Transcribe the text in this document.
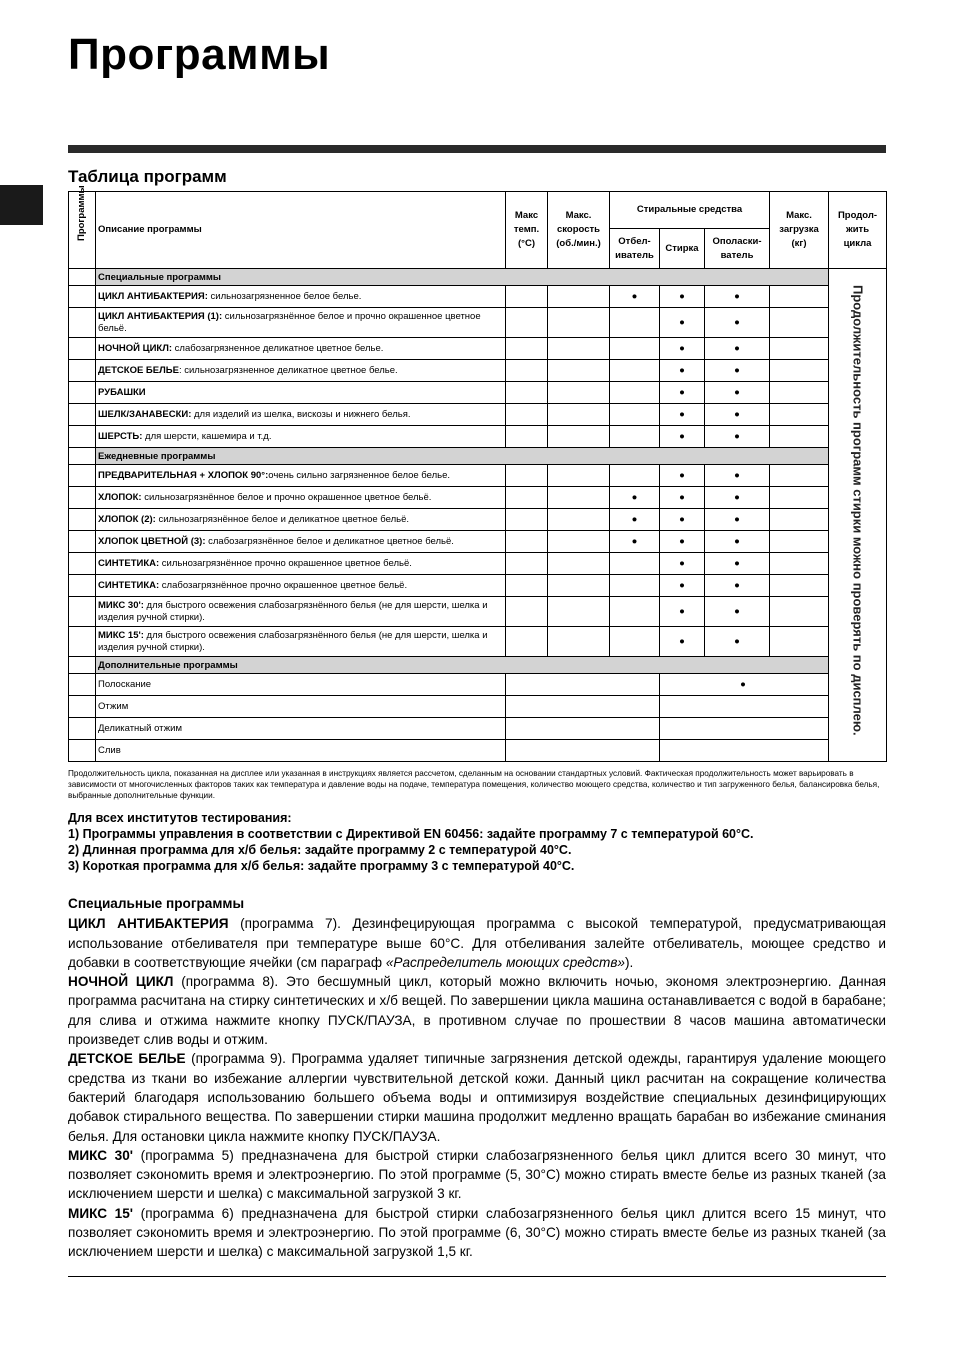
Программы
Таблица программ
Программы	Описание программы	Макс темп. (°C)	Макс. скорость (об./мин.)	Стиральные средства			Макс. загрузка (кг)	Продол-жить цикла	
				Отбел-иватель	Стирка	Ополаски-ватель			
	Специальные программы							Продолжительность программ стирки можно проверять по дисплею.	

	ЦИКЛ АНТИБАКТЕРИЯ: сильнозагрязненное белое белье.			●	●	●			
	ЦИКЛ АНТИБАКТЕРИЯ (1): сильнозагрязнённое белое и прочно окрашенное цветное бельё.				●	●			
	НОЧНОЙ ЦИКЛ: слабозагрязненное деликатное цветное белье.				●	●			
	ДЕТСКОЕ БЕЛЬЕ: сильнозагрязненное деликатное цветное белье.				●	●			
	РУБАШКИ				●	●			
	ШЕЛК/ЗАНАВЕСКИ: для изделий из шелка, вискозы и нижнего белья.				●	●			
	ШЕРСТЬ: для шерсти, кашемира и т.д.				●	●			
	Ежедневные программы								
	ПРЕДВАРИТЕЛЬНАЯ + ХЛОПОК 90°:очень сильно загрязненное белое белье.				●	●			
	ХЛОПОК: сильнозагрязнённое белое и прочно окрашенное цветное бельё.			●	●	●			
	ХЛОПОК (2): сильнозагрязнённое белое и деликатное цветное бельё.			●	●	●			
	ХЛОПОК ЦВЕТНОЙ (3): слабозагрязнённое белое и деликатное цветное бельё.			●	●	●			
	СИНТЕТИКА: сильнозагрязнённое прочно окрашенное цветное бельё.				●	●			
	СИНТЕТИКА: слабозагрязнённое прочно окрашенное цветное бельё.				●	●			
	МИКС 30': для быстрого освежения слабозагрязнённого белья (не для шерсти, шелка и изделия ручной стирки).				●	●			
	МИКС 15': для быстрого освежения слабозагрязнённого белья (не для шерсти, шелка и изделия ручной стирки).				●	●			
	Дополнительные программы								
	Полоскание				●				
	Отжим								
	Деликатный отжим								
	Слив								
Продолжительность цикла, показанная на дисплее или указанная в инструкциях является рассчетом, сделанным на основании стандартных условий. Фактическая продолжительность может варьировать в зависимости от многочисленных факторов таких как температура и давление воды на подаче, температура помещения, количество моющего средства, количество и тип загруженного белья, балансировка белья, выбранные дополнительные функции.
Для всех институтов тестирования:
1) Программы управления в соответствии с Директивой EN 60456: задайте программу 7 с температурой 60°С.
2) Длинная программа для х/б белья: задайте программу 2 с температурой 40°С.
3) Короткая программа для х/б белья: задайте программу 3 с температурой 40°С.
Специальные программы

ЦИКЛ АНТИБАКТЕРИЯ (программа 7). Дезинфецирующая программа с высокой температурой, предусматривающая использование отбеливателя при температуре выше 60°C. Для отбеливания залейте отбеливатель, моющее средство и добавки в соответствующие ячейки (см параграф «Распределитель моющих средств»).

НОЧНОЙ ЦИКЛ (программа 8). Это бесшумный цикл, который можно включить ночью, экономя электроэнергию. Данная программа расчитана на стирку синтетических и х/б вещей. По завершении цикла машина останавливается с водой в барабане; для слива и отжима нажмите кнопку ПУСК/ПАУЗА, в противном случае по прошествии 8 часов машина автоматически произведет слив воды и отжим.

ДЕТСКОЕ БЕЛЬЕ (программа 9). Программа удаляет типичные загрязнения детской одежды, гарантируя удаление моющего средства из ткани во избежание аллергии чувствительной детской кожи. Данный цикл расчитан на сокращение количества бактерий благодаря использованию большего объема воды и оптимизируя воздействие специальных дезинфицирующих добавок стирального вещества. По завершении стирки машина продолжит медленно вращать барабан во избежание сминания белья. Для остановки цикла нажмите кнопку ПУСК/ПАУЗА.

МИКС 30' (программа 5) предназначена для быстрой стирки слабозагрязненного белья цикл длится всего 30 минут, что позволяет сэкономить время и электроэнергию. По этой программе (5, 30°C) можно стирать вместе белье из разных тканей (за исключением шерсти и шелка) с максимальной загрузкой 3 кг.

МИКС 15' (программа 6) предназначена для быстрой стирки слабозагрязненного белья цикл длится всего 15 минут, что позволяет сэкономить время и электроэнергию. По этой программе (6, 30°C) можно стирать вместе белье из разных тканей (за исключением шерсти и шелка) с максимальной загрузкой 1,5 кг.
